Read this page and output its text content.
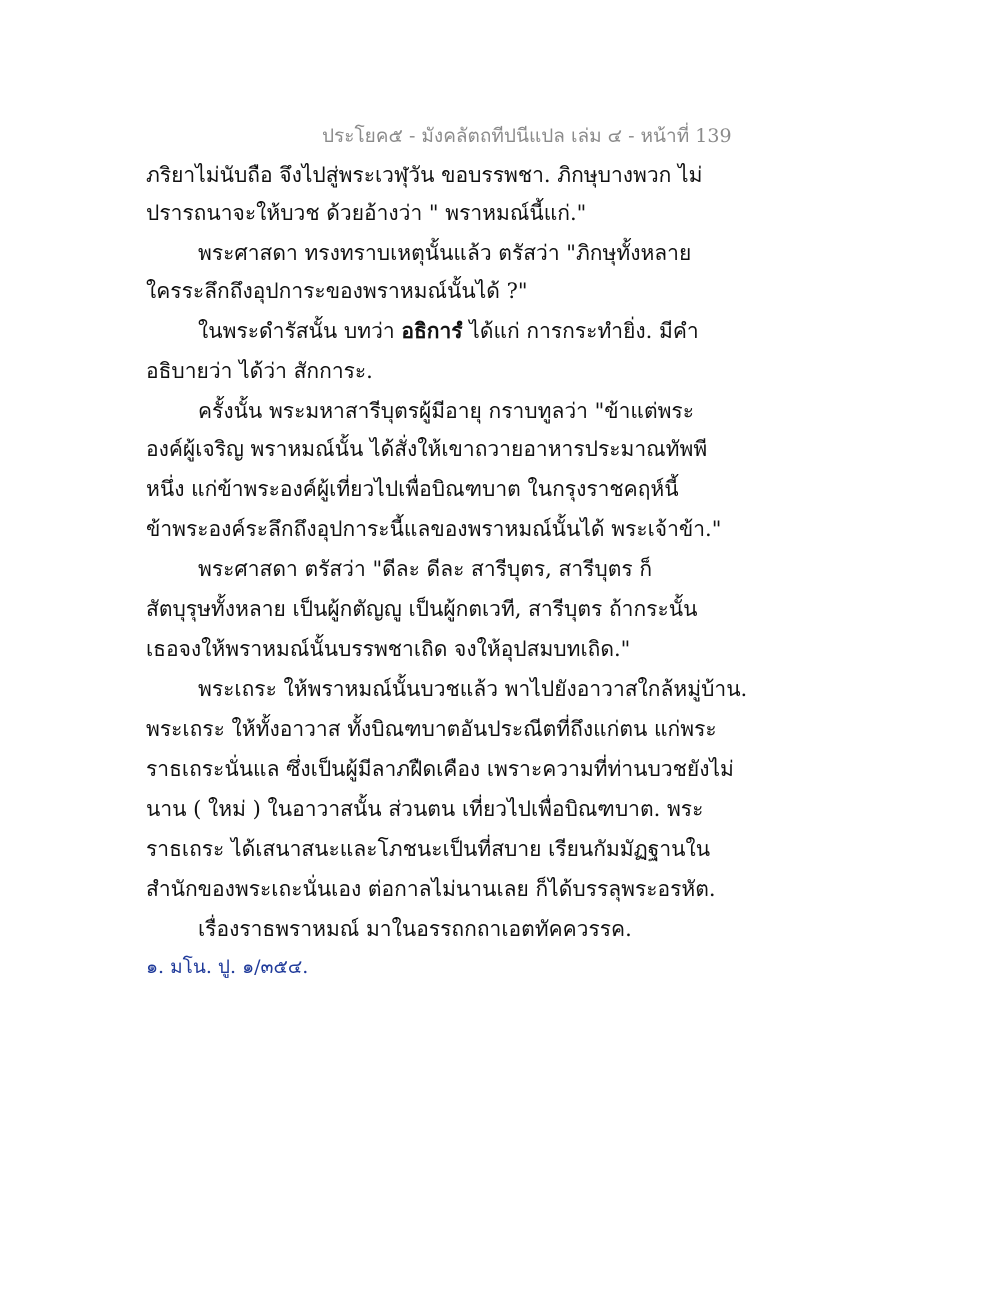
ประโยค๕ - มังคลัตถทีปนีแปล เล่ม ๔ - หน้าที่ 139
ภริยาไม่นับถือ จึงไปสู่พระเวฬุวัน ขอบรรพชา. ภิกษุบางพวก ไม่
ปรารถนาจะให้บวช ด้วยอ้างว่า " พราหมณ์นี้แก่."
พระศาสดา ทรงทราบเหตุนั้นแล้ว ตรัสว่า "ภิกษุทั้งหลาย
ใครระลึกถึงอุปการะของพราหมณ์นั้นได้ ?"
ในพระดำรัสนั้น บทว่า อธิการํ ได้แก่ การกระทำยิ่ง. มีคำ
อธิบายว่า ได้ว่า สักการะ.
ครั้งนั้น พระมหาสารีบุตรผู้มีอายุ กราบทูลว่า "ข้าแต่พระ
องค์ผู้เจริญ พราหมณ์นั้น ได้สั่งให้เขาถวายอาหารประมาณทัพพี
หนึ่ง แก่ข้าพระองค์ผู้เที่ยวไปเพื่อบิณฑบาต ในกรุงราชคฤห์นี้
ข้าพระองค์ระลึกถึงอุปการะนี้แลของพราหมณ์นั้นได้ พระเจ้าข้า."
พระศาสดา ตรัสว่า "ดีละ ดีละ สารีบุตร, สารีบุตร ก็
สัตบุรุษทั้งหลาย เป็นผู้กตัญญู เป็นผู้กตเวที, สารีบุตร ถ้ากระนั้น
เธอจงให้พราหมณ์นั้นบรรพชาเถิด จงให้อุปสมบทเถิด."
พระเถระ ให้พราหมณ์นั้นบวชแล้ว พาไปยังอาวาสใกล้หมู่บ้าน.
พระเถระ ให้ทั้งอาวาส ทั้งบิณฑบาตอันประณีตที่ถึงแก่ตน แก่พระ
ราธเถระนั่นแล ซึ่งเป็นผู้มีลาภฝืดเคือง เพราะความที่ท่านบวชยังไม่
นาน ( ใหม่ ) ในอาวาสนั้น ส่วนตน เที่ยวไปเพื่อบิณฑบาต. พระ
ราธเถระ ได้เสนาสนะและโภชนะเป็นที่สบาย เรียนกัมมัฏฐานใน
สำนักของพระเถะนั่นเอง ต่อกาลไม่นานเลย ก็ได้บรรลุพระอรหัต.
เรื่องราธพราหมณ์ มาในอรรถกถาเอตทัคควรรค.
๑. มโน. ปู. ๑/๓๕๔.
